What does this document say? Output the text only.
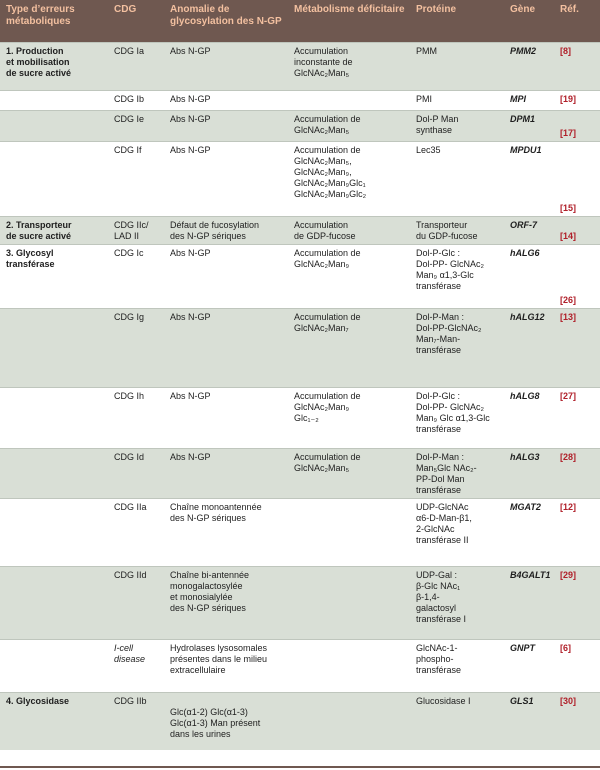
Type d’erreurs métaboliques	CDG	Anomalie de glycosylation des N-GP	Métabolisme déficitaire	Protéine	Gène	Réf.

1. Production
et mobilisation
de sucre activé	CDG Ia	Abs N-GP	Accumulation
inconstante de
GlcNAc₂Man₅	PMM	PMM2	[8]

	CDG Ib	Abs N-GP		PMI	MPI	[19]

	CDG Ie	Abs N-GP	Accumulation de
GlcNAc₂Man₅	Dol-P Man
synthase	DPM1	[17]

	CDG If	Abs N-GP	Accumulation de
GlcNAc₂Man₅,
GlcNAc₂Man₉,
GlcNAc₂Man₉Glc₁
GlcNAc₂Man₉Glc₂	Lec35	MPDU1	[15]

2. Transporteur
de sucre activé	CDG IIc/
LAD II	Défaut de fucosylation
des N-GP sériques	Accumulation
de GDP-fucose	Transporteur
du GDP-fucose	ORF-7	[14]

3. Glycosyl
transférase	CDG Ic	Abs N-GP	Accumulation de
GlcNAc₂Man₉	Dol-P-Glc :
Dol-PP- GlcNAc₂
Man₉ α1,3-Glc
transférase	hALG6	[26]

	CDG Ig	Abs N-GP	Accumulation de
GlcNAc₂Man₇	Dol-P-Man :
Dol-PP-GlcNAc₂
Man₇-Man-
transférase	hALG12	[13]

	CDG Ih	Abs N-GP	Accumulation de
GlcNAc₂Man₉
Glc₁₋₂	Dol-P-Glc :
Dol-PP- GlcNAc₂
Man₉ Glc α1,3-Glc
transférase	hALG8	[27]

	CDG Id	Abs N-GP	Accumulation de
GlcNAc₂Man₅	Dol-P-Man :
Man₅Glc NAc₂-
PP-Dol Man
transférase	hALG3	[28]

	CDG IIa	Chaîne monoantennée
des N-GP sériques		UDP-GlcNAc
α6-D-Man-β1,
2-GlcNAc
transférase II	MGAT2	[12]

	CDG IId	Chaîne bi-antennée
monogalactosylée
et monosialylée
des N-GP sériques		UDP-Gal :
β-Glc NAc₁
β-1,4-
galactosyl
transférase I	B4GALT1	[29]

	I-cell
disease	Hydrolases lysosomales
présentes dans le milieu
extracellulaire		GlcNAc-1-
phospho-
transférase	GNPT	[6]

4. Glycosidase	CDG IIb	Glc(α1-2) Glc(α1-3)
Glc(α1-3) Man présent
dans les urines		Glucosidase I	GLS1	[30]
